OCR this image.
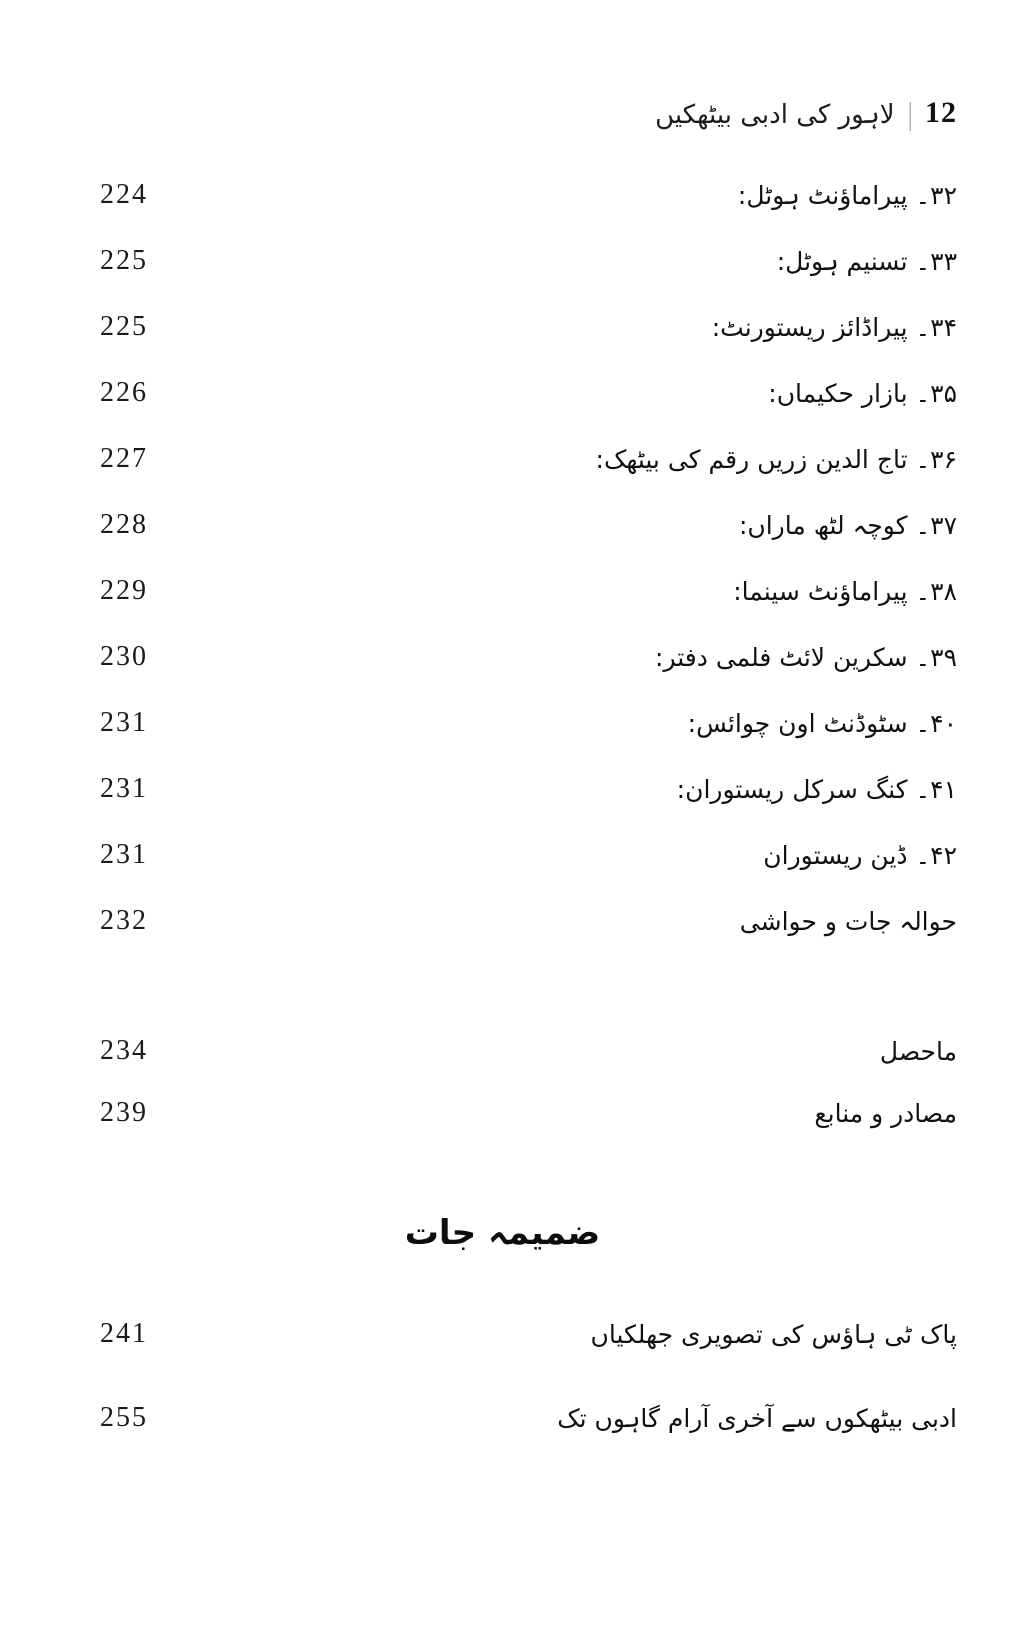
12
|
لاہور کی ادبی بیٹھکیں
224	۳۲۔ پیراماؤنٹ ہوٹل:
225	۳۳۔ تسنیم ہوٹل:
225	۳۴۔ پیراڈائز ریستورنٹ:
226	۳۵۔ بازار حکیماں:
227	۳۶۔ تاج الدین زریں رقم کی بیٹھک:
228	۳۷۔ کوچہ لٹھ ماراں:
229	۳۸۔ پیراماؤنٹ سینما:
230	۳۹۔ سکرین لائٹ فلمی دفتر:
231	۴۰۔ سٹوڈنٹ اون چوائس:
231	۴۱۔ کنگ سرکل ریستوران:
231	۴۲۔ ڈین ریستوران
232	حوالہ جات و حواشی
234	ماحصل
239	مصادر و منابع
ضمیمہ جات
241	پاک ٹی ہاؤس کی تصویری جھلکیاں
255	ادبی بیٹھکوں سے آخری آرام گاہوں تک
